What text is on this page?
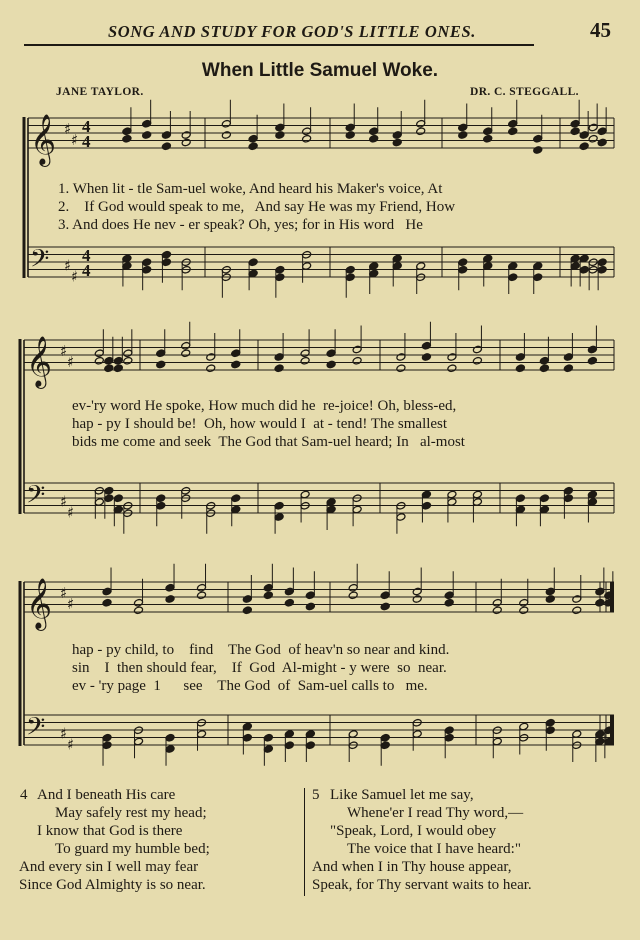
SONG AND STUDY FOR GOD'S LITTLE ONES.	45
When Little Samuel Woke.
JANE TAYLOR.	DR. C. STEGGALL.
𝄞
𝄢
♯
♯
♯
♯
4
4
4
4
𝄞
𝄢
♯
♯
♯
♯
𝄞
𝄢
♯
♯
♯
♯
1. When lit - tle Sam-uel woke, And heard his Maker's voice, At
2.    If God would speak to me,   And say He was my Friend, How
3. And does He nev - er speak? Oh, yes; for in His word   He
ev-'ry word He spoke, How much did he  re-joice! Oh, bless-ed,
hap - py I should be!  Oh, how would I  at - tend! The smallest
bids me come and seek  The God that Sam-uel heard; In   al-most
hap - py child, to    find    The God  of heav'n so near and kind.
sin    I  then should fear,    If  God  Al-might - y were  so  near.
ev - 'ry page  1      see    The God  of  Sam-uel calls to   me.
4 And I beneath His care
May safely rest my head;
I know that God is there
To guard my humble bed;
And every sin I well may fear
Since God Almighty is so near.
5 Like Samuel let me say,
Whene'er I read Thy word,—
"Speak, Lord, I would obey
The voice that I have heard:"
And when I in Thy house appear,
Speak, for Thy servant waits to hear.
